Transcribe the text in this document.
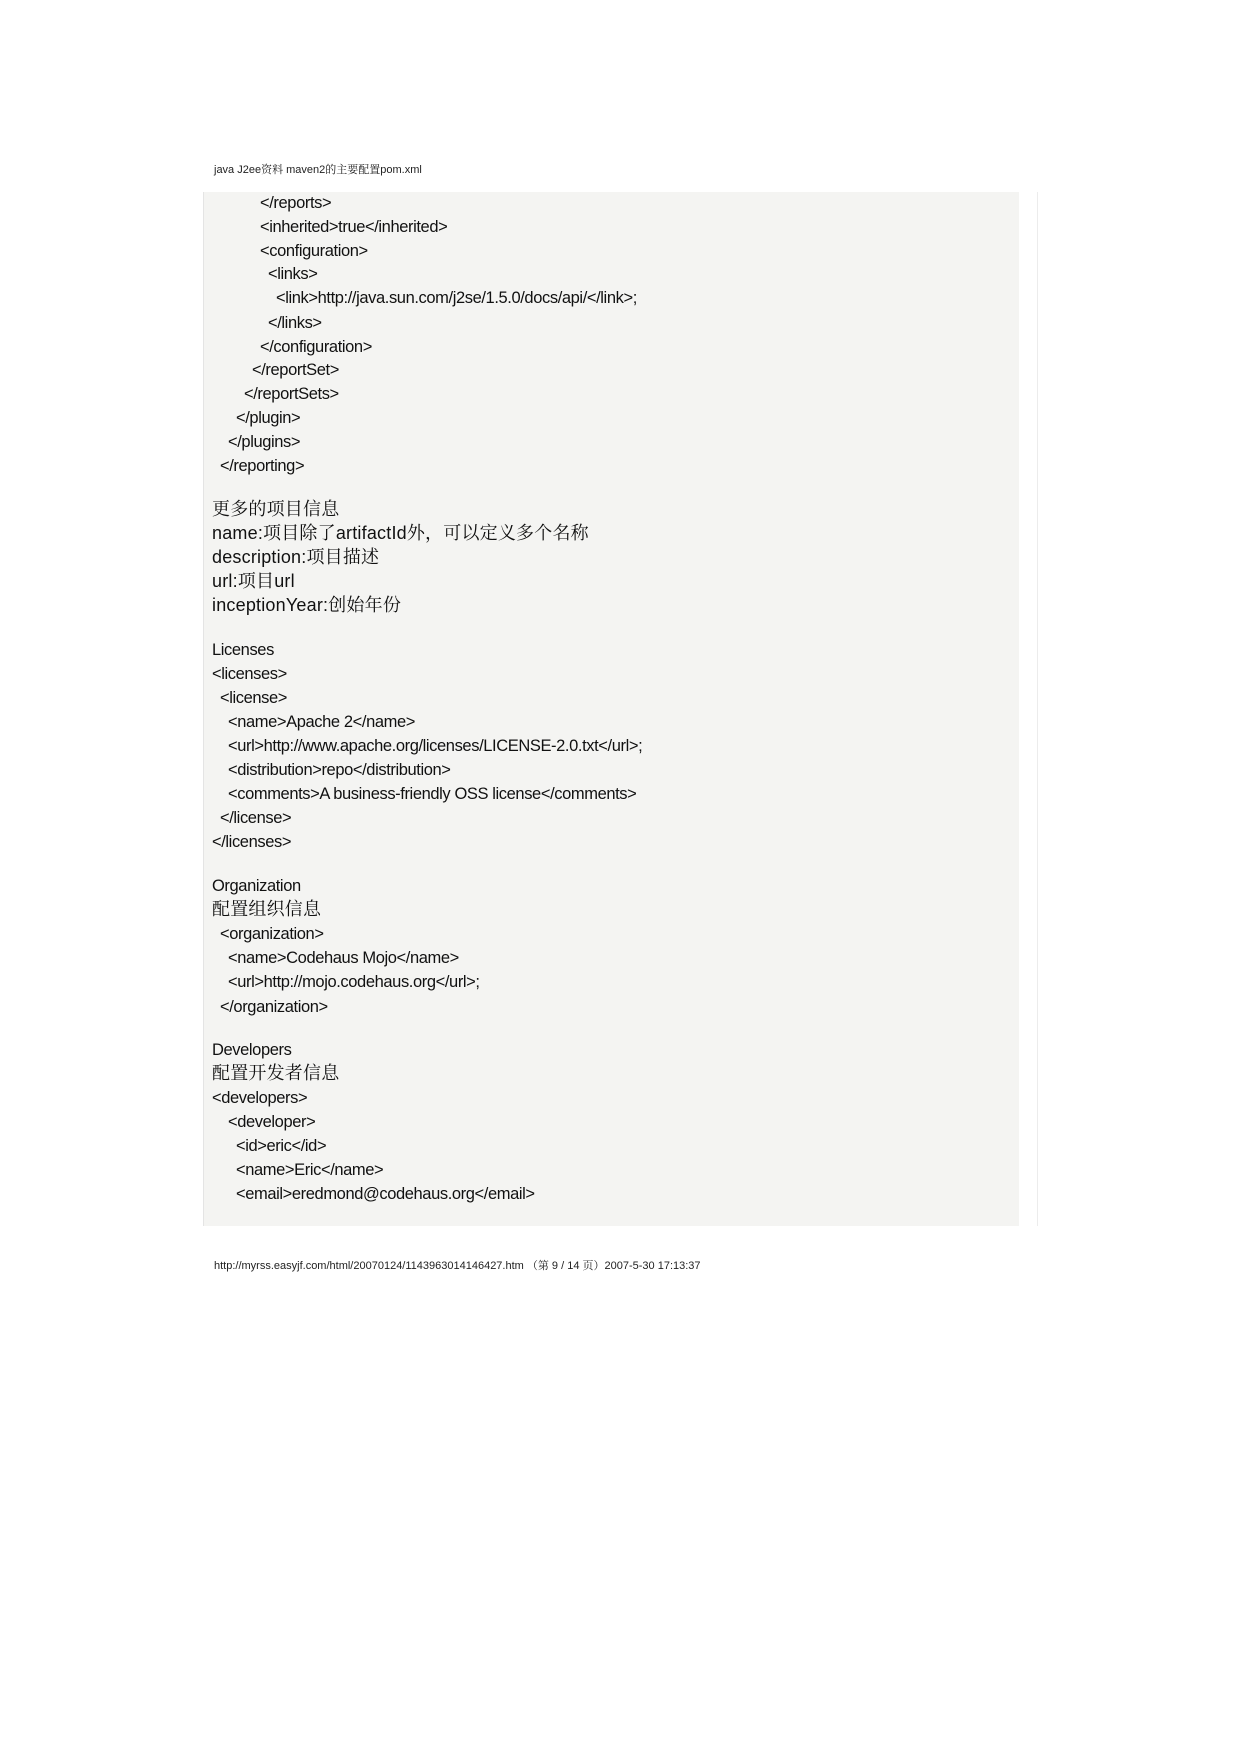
java J2ee资料 maven2的主要配置pom.xml
</reports>
<inherited>true</inherited>
<configuration>
<links>
<link>http://java.sun.com/j2se/1.5.0/docs/api/</link>;
</links>
</configuration>
</reportSet>
</reportSets>
</plugin>
</plugins>
</reporting>
更多的项目信息
name:项目除了artifactId外，可以定义多个名称
description:项目描述
url:项目url
inceptionYear:创始年份
Licenses
<licenses>
<license>
<name>Apache 2</name>
<url>http://www.apache.org/licenses/LICENSE-2.0.txt</url>;
<distribution>repo</distribution>
<comments>A business-friendly OSS license</comments>
</license>
</licenses>
Organization
配置组织信息
<organization>
<name>Codehaus Mojo</name>
<url>http://mojo.codehaus.org</url>;
</organization>
Developers
配置开发者信息
<developers>
<developer>
<id>eric</id>
<name>Eric</name>
<email>eredmond@codehaus.org</email>
http://myrss.easyjf.com/html/20070124/1143963014146427.htm （第 9 / 14 页）2007-5-30 17:13:37
